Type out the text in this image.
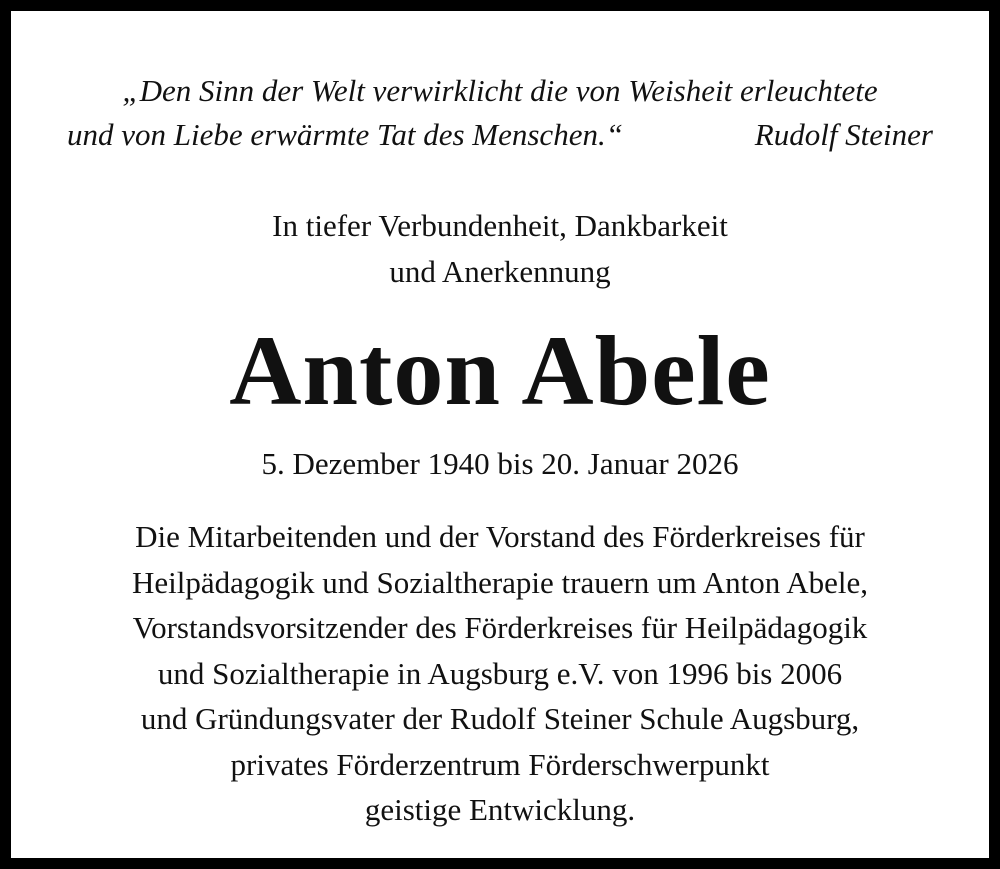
„Den Sinn der Welt verwirklicht die von Weisheit erleuchtete
und von Liebe erwärmte Tat des Menschen.“	Rudolf Steiner
In tiefer Verbundenheit, Dankbarkeit
und Anerkennung
Anton Abele
5. Dezember 1940 bis 20. Januar 2026
Die Mitarbeitenden und der Vorstand des Förderkreises für
Heilpädagogik und Sozialtherapie trauern um Anton Abele,
Vorstandsvorsitzender des Förderkreises für Heilpädagogik
und Sozialtherapie in Augsburg e.V. von 1996 bis 2006
und Gründungsvater der Rudolf Steiner Schule Augsburg,
privates Förderzentrum Förderschwerpunkt
geistige Entwicklung.
